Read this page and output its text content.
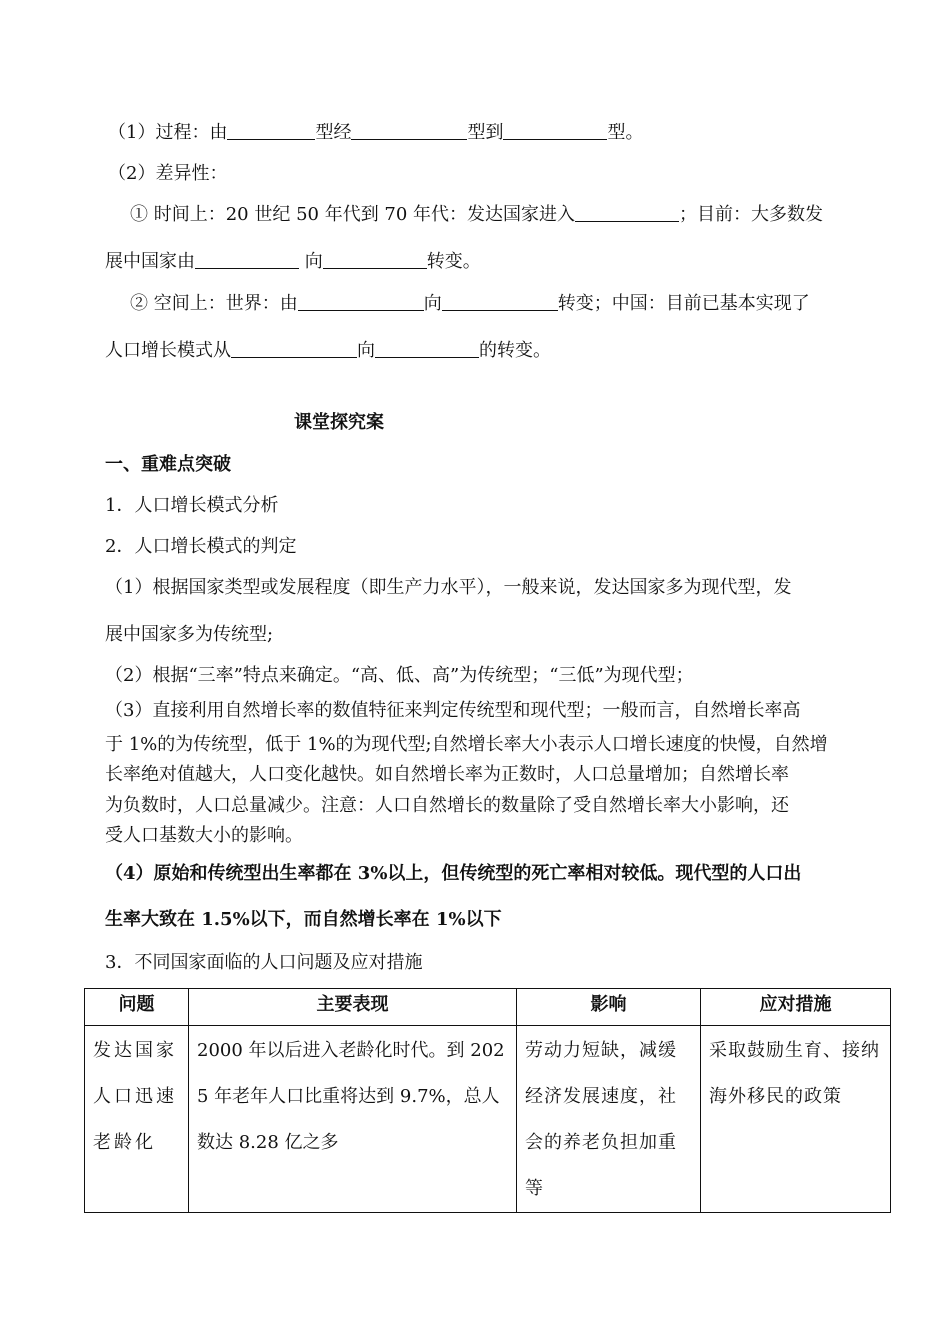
（1）过程：由	型经	型到	型。
（2）差异性：
① 时间上：20 世纪 50 年代到 70 年代：发达国家进入	；目前：大多数发
展中国家由	向	转变。
② 空间上：世界：由	向	转变；中国：目前已基本实现了
人口增长模式从	向	的转变。
课堂探究案
一、重难点突破
1．人口增长模式分析
2．人口增长模式的判定
（1）根据国家类型或发展程度（即生产力水平），一般来说，发达国家多为现代型，发
展中国家多为传统型;
（2）根据“三率”特点来确定。“高、低、高”为传统型；“三低”为现代型；
（3）直接利用自然增长率的数值特征来判定传统型和现代型；一般而言，自然增长率高
于 1%的为传统型，低于 1%的为现代型;自然增长率大小表示人口增长速度的快慢，自然增
长率绝对值越大，人口变化越快。如自然增长率为正数时，人口总量增加；自然增长率
为负数时，人口总量减少。注意：人口自然增长的数量除了受自然增长率大小影响，还
受人口基数大小的影响。
（4）原始和传统型出生率都在 3%以上，但传统型的死亡率相对较低。现代型的人口出
生率大致在 1.5%以下，而自然增长率在 1%以下
3．不同国家面临的人口问题及应对措施
问题	主要表现	影响	应对措施
发达国家人口迅速老龄化	2000 年以后进入老龄化时代。到 2025 年老年人口比重将达到 9.7%，总人数达 8.28 亿之多	劳动力短缺，减缓经济发展速度，社会的养老负担加重等	采取鼓励生育、接纳海外移民的政策
